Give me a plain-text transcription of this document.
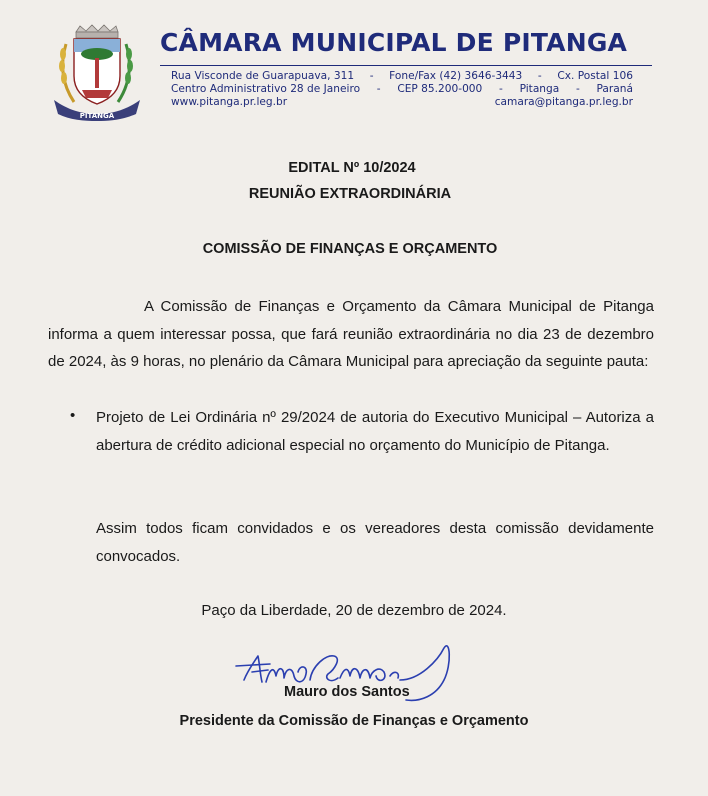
PITANGA
CÂMARA MUNICIPAL DE PITANGA
Rua Visconde de Guarapuava, 311 - Fone/Fax (42) 3646-3443 - Cx. Postal 106
Centro Administrativo 28 de Janeiro - CEP 85.200-000 - Pitanga - Paraná
www.pitanga.pr.leg.br	camara@pitanga.pr.leg.br
EDITAL Nº 10/2024
REUNIÃO EXTRAORDINÁRIA
COMISSÃO DE FINANÇAS E ORÇAMENTO
A Comissão de Finanças e Orçamento da Câmara Municipal de Pitanga informa a quem interessar possa, que fará reunião extraordinária no dia 23 de dezembro de 2024, às 9 horas, no plenário da Câmara Municipal para apreciação da seguinte pauta:
• Projeto de Lei Ordinária nº 29/2024 de autoria do Executivo Municipal – Autoriza a abertura de crédito adicional especial no orçamento do Município de Pitanga.
Assim todos ficam convidados e os vereadores desta comissão devidamente convocados.
Paço da Liberdade, 20 de dezembro de 2024.
Mauro dos Santos
Presidente da Comissão de Finanças e Orçamento
